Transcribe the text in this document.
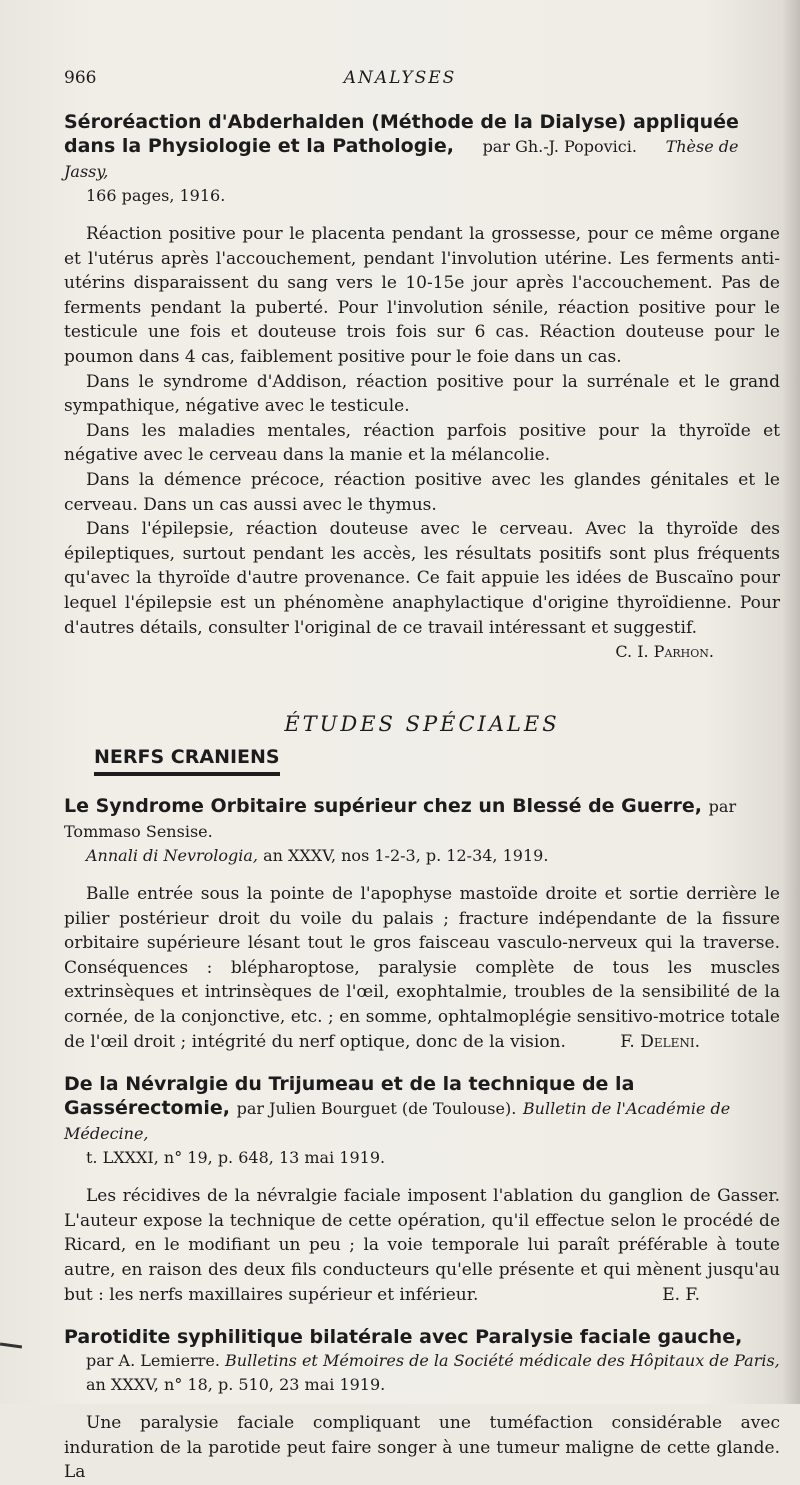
966	ANALYSES
Séroréaction d'Abderhalden (Méthode de la Dialyse) appliquée dans la Physiologie et la Pathologie, par Gh.-J. Popovici. Thèse de Jassy,
166 pages, 1916.

Réaction positive pour le placenta pendant la grossesse, pour ce même organe et l'utérus après l'accouchement, pendant l'involution utérine. Les ferments anti-utérins disparaissent du sang vers le 10-15e jour après l'accouchement. Pas de ferments pendant la puberté. Pour l'involution sénile, réaction positive pour le testicule une fois et douteuse trois fois sur 6 cas. Réaction douteuse pour le poumon dans 4 cas, faiblement positive pour le foie dans un cas.

Dans le syndrome d'Addison, réaction positive pour la surrénale et le grand sympathique, négative avec le testicule.

Dans les maladies mentales, réaction parfois positive pour la thyroïde et négative avec le cerveau dans la manie et la mélancolie.

Dans la démence précoce, réaction positive avec les glandes génitales et le cerveau. Dans un cas aussi avec le thymus.

Dans l'épilepsie, réaction douteuse avec le cerveau. Avec la thyroïde des épileptiques, surtout pendant les accès, les résultats positifs sont plus fréquents qu'avec la thyroïde d'autre provenance. Ce fait appuie les idées de Buscaïno pour lequel l'épilepsie est un phénomène anaphylactique d'origine thyroïdienne. Pour d'autres détails, consulter l'original de ce travail intéressant et suggestif.

C. I. Parhon.
ÉTUDES SPÉCIALES
NERFS CRANIENS
Le Syndrome Orbitaire supérieur chez un Blessé de Guerre, par Tommaso Sensise.
Annali di Nevrologia, an XXXV, nos 1-2-3, p. 12-34, 1919.

Balle entrée sous la pointe de l'apophyse mastoïde droite et sortie derrière le pilier postérieur droit du voile du palais ; fracture indépendante de la fissure orbitaire supérieure lésant tout le gros faisceau vasculo-nerveux qui la traverse. Conséquences : blépharoptose, paralysie complète de tous les muscles extrinsèques et intrinsèques de l'œil, exophtalmie, troubles de la sensibilité de la cornée, de la conjonctive, etc. ; en somme, ophtalmoplégie sensitivo-motrice totale de l'œil droit ; intégrité du nerf optique, donc de la vision.	F. Deleni.

De la Névralgie du Trijumeau et de la technique de la Gassérectomie, par Julien Bourguet (de Toulouse). Bulletin de l'Académie de Médecine,
t. LXXXI, n° 19, p. 648, 13 mai 1919.

Les récidives de la névralgie faciale imposent l'ablation du ganglion de Gasser. L'auteur expose la technique de cette opération, qu'il effectue selon le procédé de Ricard, en le modifiant un peu ; la voie temporale lui paraît préférable à toute autre, en raison des deux fils conducteurs qu'elle présente et qui mènent jusqu'au but : les nerfs maxillaires supérieur et inférieur.	E. F.

Parotidite syphilitique bilatérale avec Paralysie faciale gauche,
par A. Lemierre. Bulletins et Mémoires de la Société médicale des Hôpitaux de Paris, an XXXV, n° 18, p. 510, 23 mai 1919.

Une paralysie faciale compliquant une tuméfaction considérable avec induration de la parotide peut faire songer à une tumeur maligne de cette glande. La
